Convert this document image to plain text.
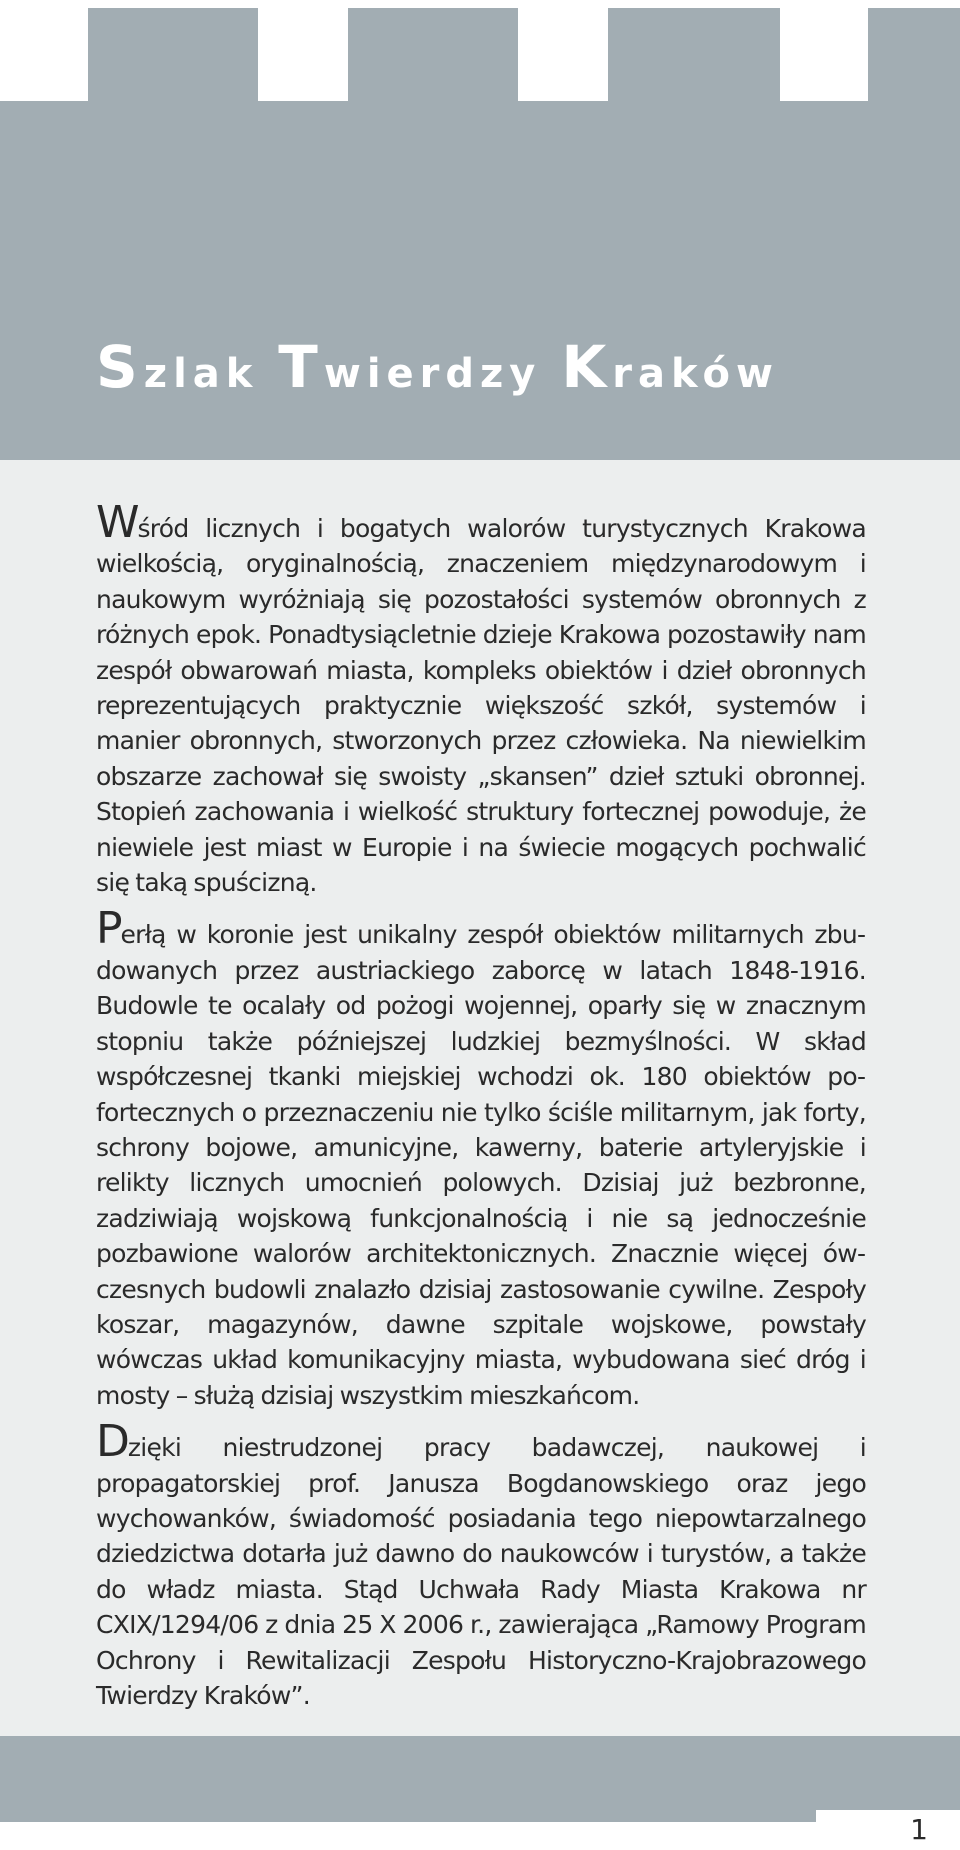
Szlak Twierdzy Kraków

Wśród licznych i bogatych walorów turystycznych Krakowa wielkością, oryginalnością, znaczeniem międzynarodowym i naukowym wyróżniają się pozostałości systemów obronnych z różnych epok. Ponadtysiącletnie dzieje Krakowa pozostawiły nam zespół obwarowań miasta, kompleks obiektów i dzieł obronnych reprezentujących praktycznie większość szkół, systemów i manier obronnych, stworzonych przez człowieka. Na niewielkim obszarze zachował się swoisty „skansen” dzieł sztuki obronnej. Stopień zachowania i wielkość struktury fortecznej powoduje, że niewiele jest miast w Europie i na świecie mogących pochwalić się taką spuścizną.

Perłą w koronie jest unikalny zespół obiektów militarnych zbudowanych przez austriackiego zaborcę w latach 1848-1916. Budowle te ocalały od pożogi wojennej, oparły się w znacznym stopniu także późniejszej ludzkiej bezmyślności. W skład współczesnej tkanki miejskiej wchodzi ok. 180 obiektów pofortecznych o przeznaczeniu nie tylko ściśle militarnym, jak forty, schrony bojowe, amunicyjne, kawerny, baterie artyleryjskie i relikty licznych umocnień polowych. Dzisiaj już bezbronne, zadziwiają wojskową funkcjonalnością i nie są jednocześnie pozbawione walorów architektonicznych. Znacznie więcej ówczesnych budowli znalazło dzisiaj zastosowanie cywilne. Zespoły koszar, magazynów, dawne szpitale wojskowe, powstały wówczas układ komunikacyjny miasta, wybudowana sieć dróg i mosty – służą dzisiaj wszystkim mieszkańcom.

Dzięki niestrudzonej pracy badawczej, naukowej i propagatorskiej prof. Janusza Bogdanowskiego oraz jego wychowanków, świadomość posiadania tego niepowtarzalnego dziedzictwa dotarła już dawno do naukowców i turystów, a także do władz miasta. Stąd Uchwała Rady Miasta Krakowa nr CXIX/1294/06 z dnia 25 X 2006 r., zawierająca „Ramowy Program Ochrony i Rewitalizacji Zespołu Historyczno-Krajobrazowego Twierdzy Kraków”.

1
